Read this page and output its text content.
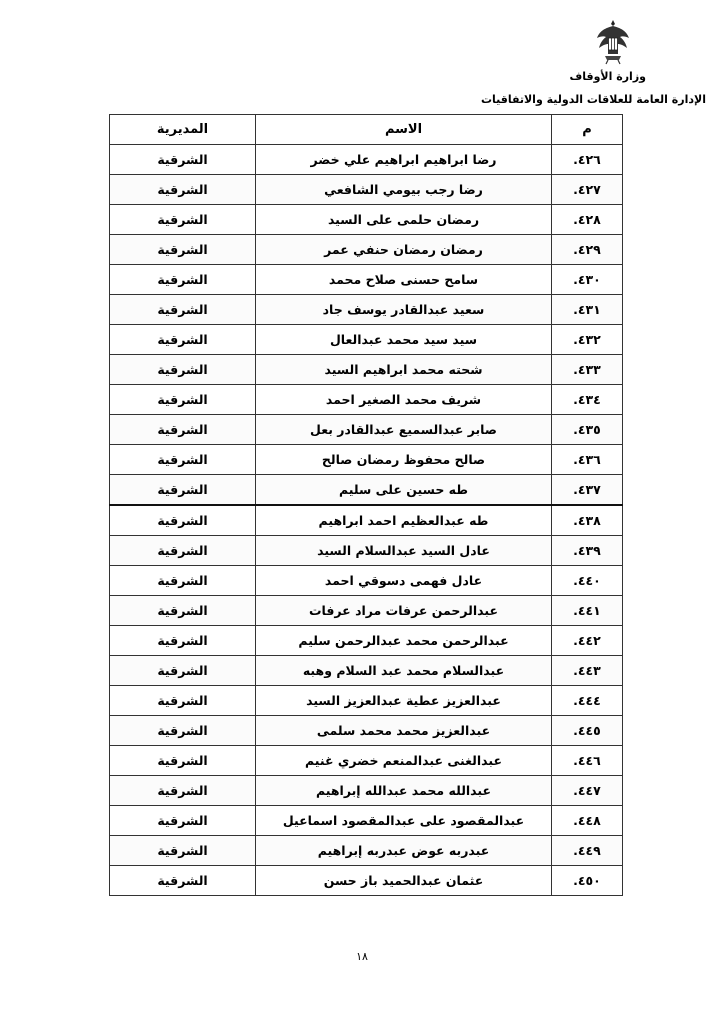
وزارة الأوقاف
الإدارة العامة للعلاقات الدولية والاتفاقيات
م	الاسم	المديرية
٤٢٦.	رضا ابراهيم ابراهيم علي خضر	الشرقية
٤٢٧.	رضا رجب بيومي الشافعي	الشرقية
٤٢٨.	رمضان حلمى على السيد	الشرقية
٤٢٩.	رمضان رمضان حنفي عمر	الشرقية
٤٣٠.	سامح حسنى صلاح محمد	الشرقية
٤٣١.	سعيد عبدالقادر يوسف جاد	الشرقية
٤٣٢.	سيد سيد محمد عبدالعال	الشرقية
٤٣٣.	شحته محمد ابراهيم السيد	الشرقية
٤٣٤.	شريف محمد الصغير احمد	الشرقية
٤٣٥.	صابر عبدالسميع عبدالقادر بعل	الشرقية
٤٣٦.	صالح محفوظ رمضان صالح	الشرقية
٤٣٧.	طه حسين على سليم	الشرقية
٤٣٨.	طه عبدالعظيم احمد ابراهيم	الشرقية
٤٣٩.	عادل السيد عبدالسلام السيد	الشرقية
٤٤٠.	عادل فهمى دسوقي احمد	الشرقية
٤٤١.	عبدالرحمن عرفات مراد عرفات	الشرقية
٤٤٢.	عبدالرحمن محمد عبدالرحمن سليم	الشرقية
٤٤٣.	عبدالسلام محمد عبد السلام وهبه	الشرقية
٤٤٤.	عبدالعزيز عطية عبدالعزيز السيد	الشرقية
٤٤٥.	عبدالعزيز محمد محمد سلمى	الشرقية
٤٤٦.	عبدالغنى عبدالمنعم خضري غنيم	الشرقية
٤٤٧.	عبدالله محمد عبدالله إبراهيم	الشرقية
٤٤٨.	عبدالمقصود على عبدالمقصود اسماعيل	الشرقية
٤٤٩.	عبدربه عوض عبدربه إبراهيم	الشرقية
٤٥٠.	عثمان عبدالحميد باز حسن	الشرقية
١٨
